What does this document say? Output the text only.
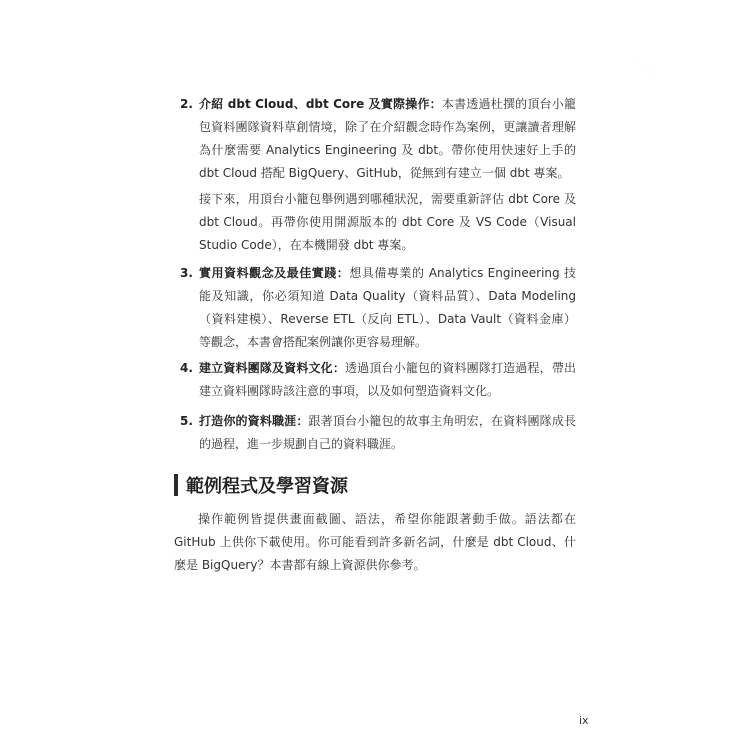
2. 介紹 dbt Cloud、dbt Core 及實際操作：本書透過杜撰的頂台小籠包資料團隊資料草創情境，除了在介紹觀念時作為案例，更讓讀者理解為什麼需要 Analytics Engineering 及 dbt。帶你使用快速好上手的 dbt Cloud 搭配 BigQuery、GitHub，從無到有建立一個 dbt 專案。
接下來，用頂台小籠包舉例遇到哪種狀況，需要重新評估 dbt Core 及 dbt Cloud。再帶你使用開源版本的 dbt Core 及 VS Code（Visual Studio Code），在本機開發 dbt 專案。
3. 實用資料觀念及最佳實踐：想具備專業的 Analytics Engineering 技能及知識，你必須知道 Data Quality（資料品質）、Data Modeling（資料建模）、Reverse ETL（反向 ETL）、Data Vault（資料金庫）等觀念，本書會搭配案例讓你更容易理解。
4. 建立資料團隊及資料文化：透過頂台小籠包的資料團隊打造過程，帶出建立資料團隊時該注意的事項，以及如何塑造資料文化。
5. 打造你的資料職涯：跟著頂台小籠包的故事主角明宏，在資料團隊成長的過程，進一步規劃自己的資料職涯。
範例程式及學習資源
操作範例皆提供畫面截圖、語法，希望你能跟著動手做。語法都在 GitHub 上供你下載使用。你可能看到許多新名詞，什麼是 dbt Cloud、什麼是 BigQuery？本書都有線上資源供你參考。
ix
